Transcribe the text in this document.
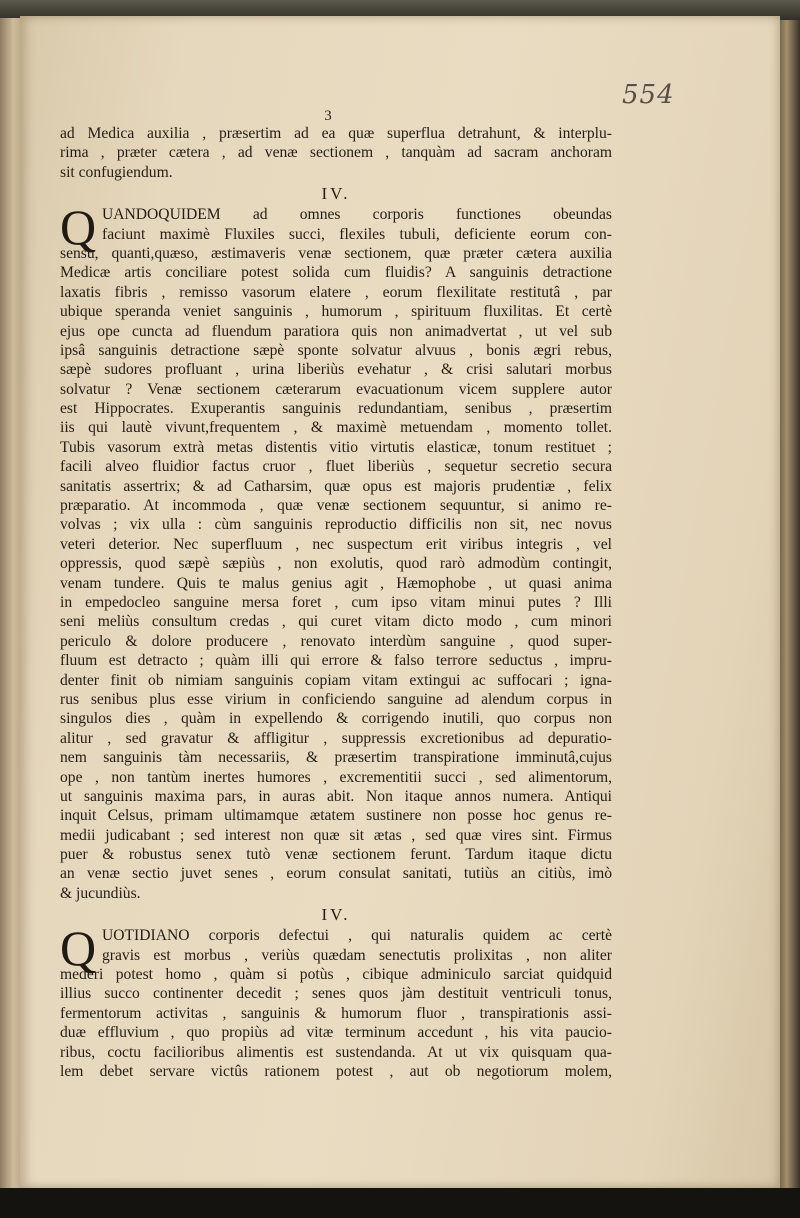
554
3
ad Medica auxilia , præsertim ad ea quæ superflua detrahunt, & interplu-
rima , præter cætera , ad venæ sectionem , tanquàm ad sacram anchoram
sit confugiendum.
IV.
Q UANDOQUIDEM ad omnes corporis functiones obeundas
faciunt maximè Fluxiles succi, flexiles tubuli, deficiente eorum con-
sensu, quanti,quæso, æstimaveris venæ sectionem, quæ præter cætera auxilia
Medicæ artis conciliare potest solida cum fluidis? A sanguinis detractione
laxatis fibris , remisso vasorum elatere , eorum flexilitate restitutâ , par
ubique speranda veniet sanguinis , humorum , spirituum fluxilitas. Et certè
ejus ope cuncta ad fluendum paratiora quis non animadvertat , ut vel sub
ipsâ sanguinis detractione sæpè sponte solvatur alvuus , bonis ægri rebus,
sæpè sudores profluant , urina liberiùs evehatur , & crisi salutari morbus
solvatur ? Venæ sectionem cæterarum evacuationum vicem supplere autor
est Hippocrates. Exuperantis sanguinis redundantiam, senibus , præsertim
iis qui lautè vivunt,frequentem , & maximè metuendam , momento tollet.
Tubis vasorum extrà metas distentis vitio virtutis elasticæ, tonum restituet ;
facili alveo fluidior factus cruor , fluet liberiùs , sequetur secretio secura
sanitatis assertrix; & ad Catharsim, quæ opus est majoris prudentiæ , felix
præparatio. At incommoda , quæ venæ sectionem sequuntur, si animo re-
volvas ; vix ulla : cùm sanguinis reproductio difficilis non sit, nec novus
veteri deterior. Nec superfluum , nec suspectum erit viribus integris , vel
oppressis, quod sæpè sæpiùs , non exolutis, quod rarò admodùm contingit,
venam tundere. Quis te malus genius agit , Hæmophobe , ut quasi anima
in empedocleo sanguine mersa foret , cum ipso vitam minui putes ? Illi
seni meliùs consultum credas , qui curet vitam dicto modo , cum minori
periculo & dolore producere , renovato interdùm sanguine , quod super-
fluum est detracto ; quàm illi qui errore & falso terrore seductus , impru-
denter finit ob nimiam sanguinis copiam vitam extingui ac suffocari ; igna-
rus senibus plus esse virium in conficiendo sanguine ad alendum corpus in
singulos dies , quàm in expellendo & corrigendo inutili, quo corpus non
alitur , sed gravatur & affligitur , suppressis excretionibus ad depuratio-
nem sanguinis tàm necessariis, & præsertim transpiratione imminutâ,cujus
ope , non tantùm inertes humores , excrementitii succi , sed alimentorum,
ut sanguinis maxima pars, in auras abit. Non itaque annos numera. Antiqui
inquit Celsus, primam ultimamque ætatem sustinere non posse hoc genus re-
medii judicabant ; sed interest non quæ sit ætas , sed quæ vires sint. Firmus
puer & robustus senex tutò venæ sectionem ferunt. Tardum itaque dictu
an venæ sectio juvet senes , eorum consulat sanitati, tutiùs an citiùs, imò
& jucundiùs.
IV.
Q UOTIDIANO corporis defectui , qui naturalis quidem ac certè
gravis est morbus , veriùs quædam senectutis prolixitas , non aliter
mederi potest homo , quàm si potùs , cibique adminiculo sarciat quidquid
illius succo continenter decedit ; senes quos jàm destituit ventriculi tonus,
fermentorum activitas , sanguinis & humorum fluor , transpirationis assi-
duæ effluvium , quo propiùs ad vitæ terminum accedunt , his vita paucio-
ribus, coctu facilioribus alimentis est sustendanda. At ut vix quisquam qua-
lem debet servare victûs rationem potest , aut ob negotiorum molem,
